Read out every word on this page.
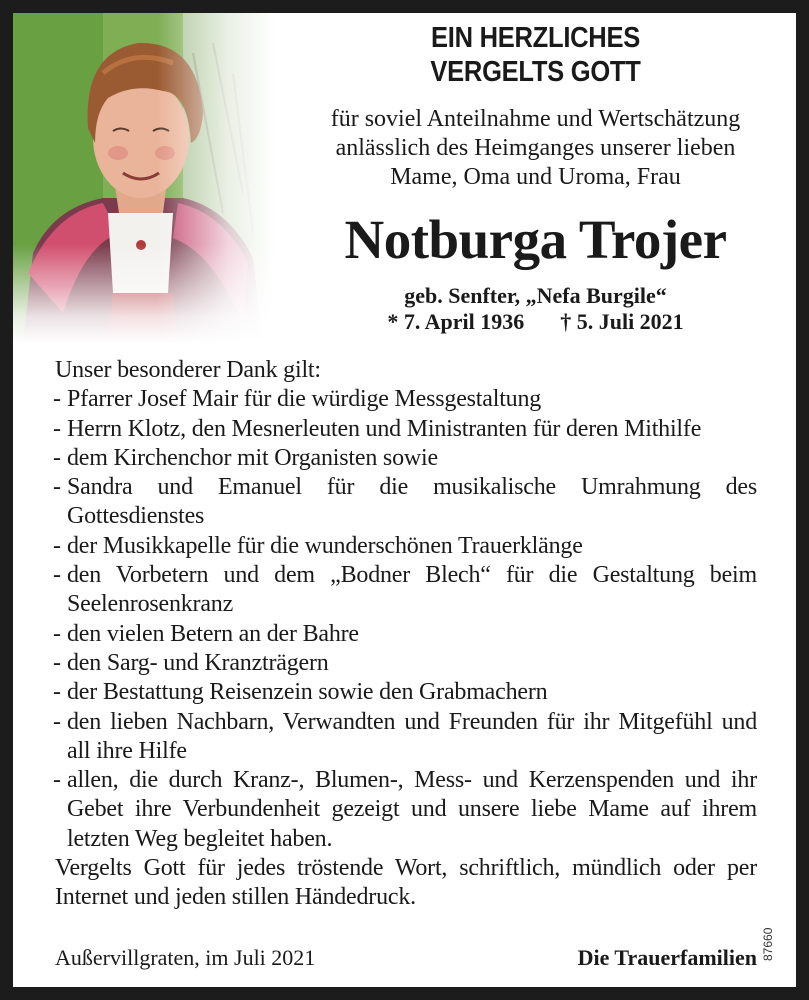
EIN HERZLICHES
VERGELTS GOTT
für soviel Anteilnahme und Wertschätzung
anlässlich des Heimganges unserer lieben
Mame, Oma und Uroma, Frau
Notburga Trojer
geb. Senfter, „Nefa Burgile“
* 7. April 1936 † 5. Juli 2021

Unser besonderer Dank gilt:

- Pfarrer Josef Mair für die würdige Messgestaltung
- Herrn Klotz, den Mesnerleuten und Ministranten für deren Mithilfe
- dem Kirchenchor mit Organisten sowie
- Sandra und Emanuel für die musikalische Umrahmung des Gottesdienstes
- der Musikkapelle für die wunderschönen Trauerklänge
- den Vorbetern und dem „Bodner Blech“ für die Gestaltung beim Seelenrosenkranz
- den vielen Betern an der Bahre
- den Sarg- und Kranzträgern
- der Bestattung Reisenzein sowie den Grabmachern
- den lieben Nachbarn, Verwandten und Freunden für ihr Mitgefühl und all ihre Hilfe
- allen, die durch Kranz-, Blumen-, Mess- und Kerzenspenden und ihr Gebet ihre Verbundenheit gezeigt und unsere liebe Mame auf ihrem letzten Weg begleitet haben.

Vergelts Gott für jedes tröstende Wort, schriftlich, mündlich oder per Internet und jeden stillen Händedruck.

Außervillgraten, im Juli 2021	Die Trauerfamilien 87660
